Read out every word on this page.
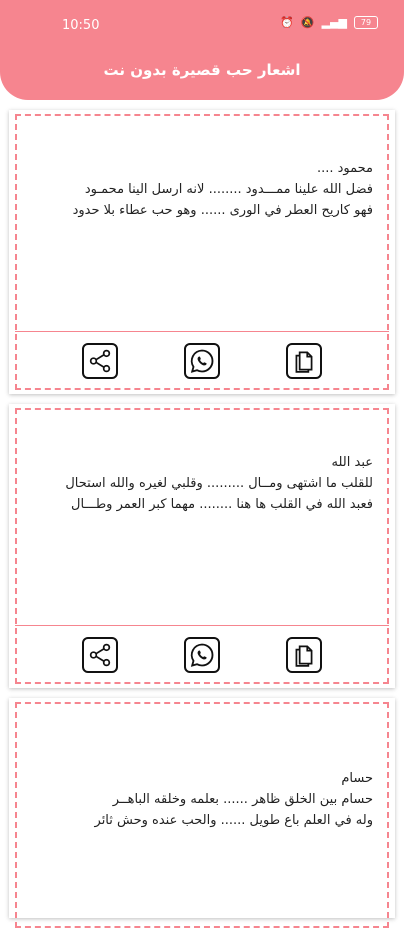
10:50	⏰ 🔕 ▂▄▆	79
اشعار حب قصيرة بدون نت
محمود ....
فضل الله علينا ممـــدود ........ لانه ارسل الينا محمـود
فهو كاريح العطر في الورى ...... وهو حب عطاء بلا حدود
عبد الله
للقلب ما اشتهى ومــال ......... وقلبي لغيره والله استحال
فعبد الله في القلب ها هنا ........ مهما كبر العمر وطـــال
حسام
حسام بين الخلق ظاهر ...... بعلمه وخلقه الباهــر
وله في العلم باع طويل ...... والحب عنده وحش ثائر
